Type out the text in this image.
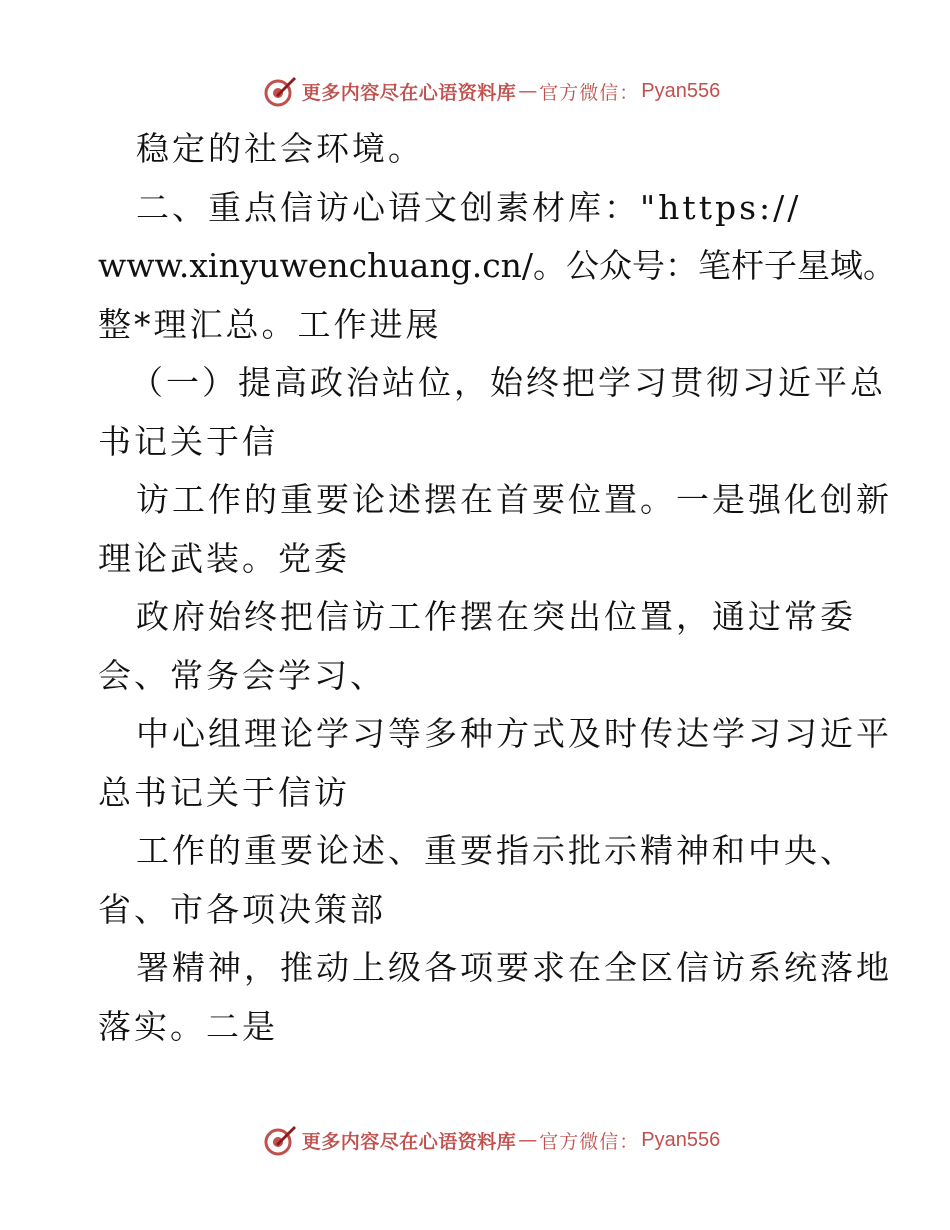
更多内容尽在心语资料库 — 官方微信： Pyan556
稳定的社会环境。
二、重点信访心语文创素材库："https://
www.xinyuwenchuang.cn/。公众号：笔杆子星域。
整*理汇总。工作进展
（一）提高政治站位，始终把学习贯彻习近平总
书记关于信
访工作的重要论述摆在首要位置。一是强化创新
理论武装。党委
政府始终把信访工作摆在突出位置，通过常委
会、常务会学习、
中心组理论学习等多种方式及时传达学习习近平
总书记关于信访
工作的重要论述、重要指示批示精神和中央、
省、市各项决策部
署精神，推动上级各项要求在全区信访系统落地
落实。二是
更多内容尽在心语资料库 — 官方微信： Pyan556
